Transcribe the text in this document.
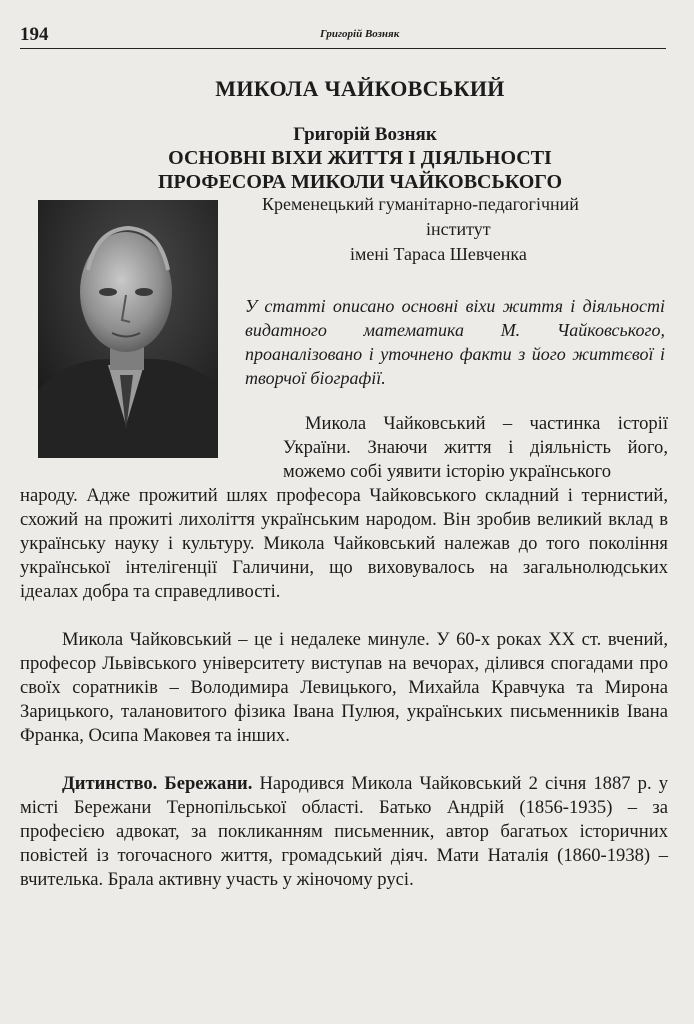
194	Григорій Возняк
МИКОЛА ЧАЙКОВСЬКИЙ
Григорій Возняк
ОСНОВНІ ВІХИ ЖИТТЯ І ДІЯЛЬНОСТІ
ПРОФЕСОРА МИКОЛИ ЧАЙКОВСЬКОГО
Кременецький гуманітарно-педагогічний
інститут
імені Тараса Шевченка
У статті описано основні віхи життя і діяльності видатного математика М. Чайковського, проаналізовано і уточнено факти з його життєвої і творчої біографії.
Микола Чайковський – частинка історії України. Знаючи життя і діяльність його, можемо собі уявити історію українського
народу. Адже прожитий шлях професора Чайковського складний і тернистий, схожий на прожиті лихоліття українським народом. Він зробив великий вклад в українську науку і культуру. Микола Чайковський належав до того покоління української інтелігенції Галичини, що виховувалось на загальнолюдських ідеалах добра та справедливості.
Микола Чайковський – це і недалеке минуле. У 60-х роках XX ст. вчений, професор Львівського університету виступав на вечорах, ділився спогадами про своїх соратників – Володимира Левицького, Михайла Кравчука та Мирона Зарицького, талановитого фізика Івана Пулюя, українських письменників Івана Франка, Осипа Маковея та інших.
Дитинство. Бережани. Народився Микола Чайковський 2 січня 1887 р. у місті Бережани Тернопільської області. Батько Андрій (1856-1935) – за професією адвокат, за покликанням письменник, автор багатьох історичних повістей із тогочасного життя, громадський діяч. Мати Наталія (1860-1938) – вчителька. Брала активну участь у жіночому русі.
